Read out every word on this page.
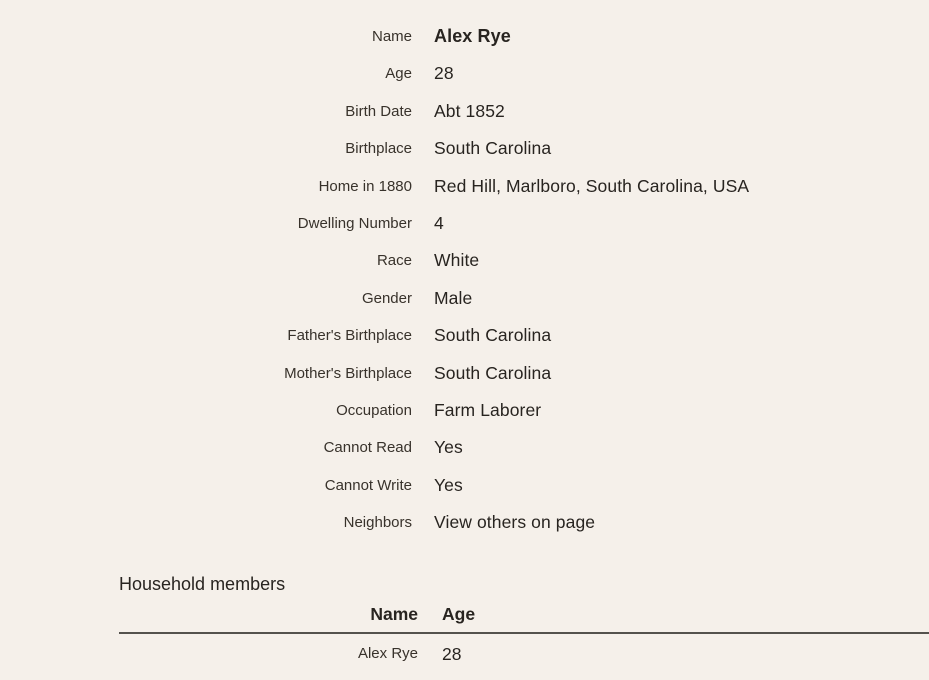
Name Alex Rye
Age 28
Birth Date Abt 1852
Birthplace South Carolina
Home in 1880 Red Hill, Marlboro, South Carolina, USA
Dwelling Number 4
Race White
Gender Male
Father's Birthplace South Carolina
Mother's Birthplace South Carolina
Occupation Farm Laborer
Cannot Read Yes
Cannot Write Yes
Neighbors View others on page
Household members
Name Age
Alex Rye 28
